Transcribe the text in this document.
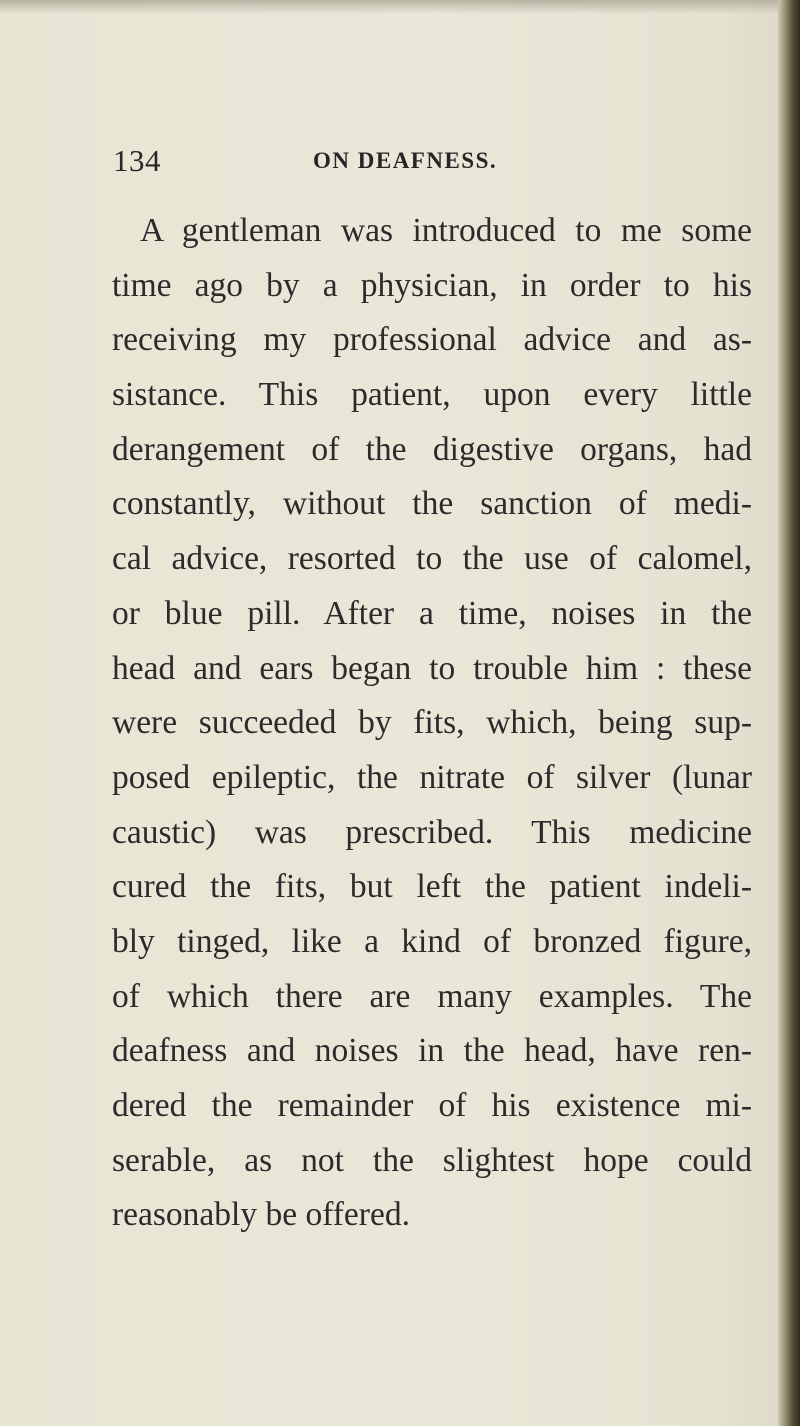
134	ON DEAFNESS.
A gentleman was introduced to me some
time ago by a physician, in order to his
receiving my professional advice and as-
sistance. This patient, upon every little
derangement of the digestive organs, had
constantly, without the sanction of medi-
cal advice, resorted to the use of calomel,
or blue pill. After a time, noises in the
head and ears began to trouble him : these
were succeeded by fits, which, being sup-
posed epileptic, the nitrate of silver (lunar
caustic) was prescribed. This medicine
cured the fits, but left the patient indeli-
bly tinged, like a kind of bronzed figure,
of which there are many examples. The
deafness and noises in the head, have ren-
dered the remainder of his existence mi-
serable, as not the slightest hope could
reasonably be offered.
